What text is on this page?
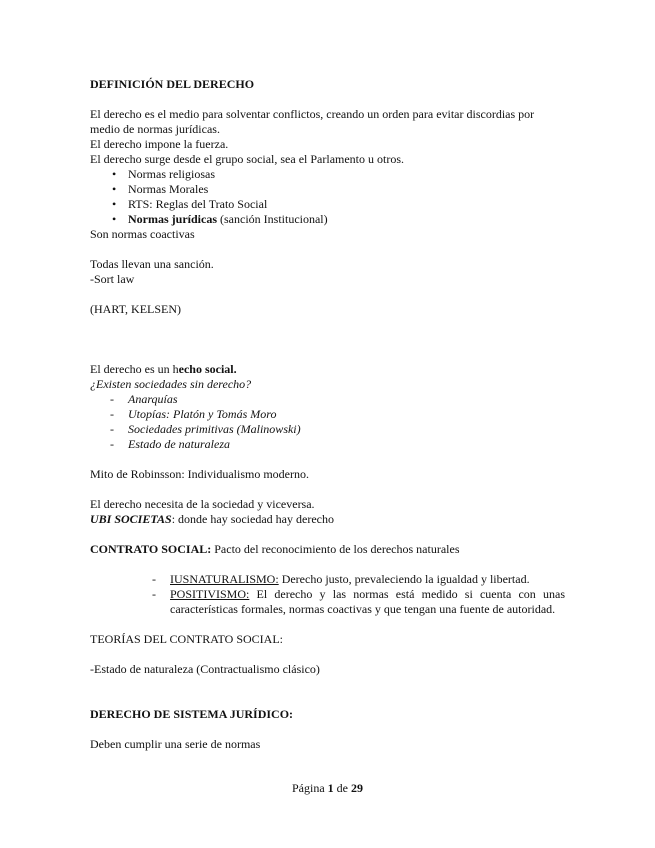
DEFINICIÓN DEL DERECHO

El derecho es el medio para solventar conflictos, creando un orden para evitar discordias por medio de normas jurídicas.

El derecho impone la fuerza.

El derecho surge desde el grupo social, sea el Parlamento u otros.

• Normas religiosas
• Normas Morales
• RTS: Reglas del Trato Social
• Normas jurídicas (sanción Institucional)

Son normas coactivas

Todas llevan una sanción.

-Sort law

(HART, KELSEN)

El derecho es un hecho social.

¿Existen sociedades sin derecho?

- Anarquías
- Utopías: Platón y Tomás Moro
- Sociedades primitivas (Malinowski)
- Estado de naturaleza

Mito de Robinsson: Individualismo moderno.

El derecho necesita de la sociedad y viceversa.

UBI SOCIETAS: donde hay sociedad hay derecho

CONTRATO SOCIAL: Pacto del reconocimiento de los derechos naturales

- IUSNATURALISMO: Derecho justo, prevaleciendo la igualdad y libertad.
- POSITIVISMO: El derecho y las normas está medido si cuenta con unas características formales, normas coactivas y que tengan una fuente de autoridad.

TEORÍAS DEL CONTRATO SOCIAL:

-Estado de naturaleza (Contractualismo clásico)

DERECHO DE SISTEMA JURÍDICO:

Deben cumplir una serie de normas

Página 1 de 29
